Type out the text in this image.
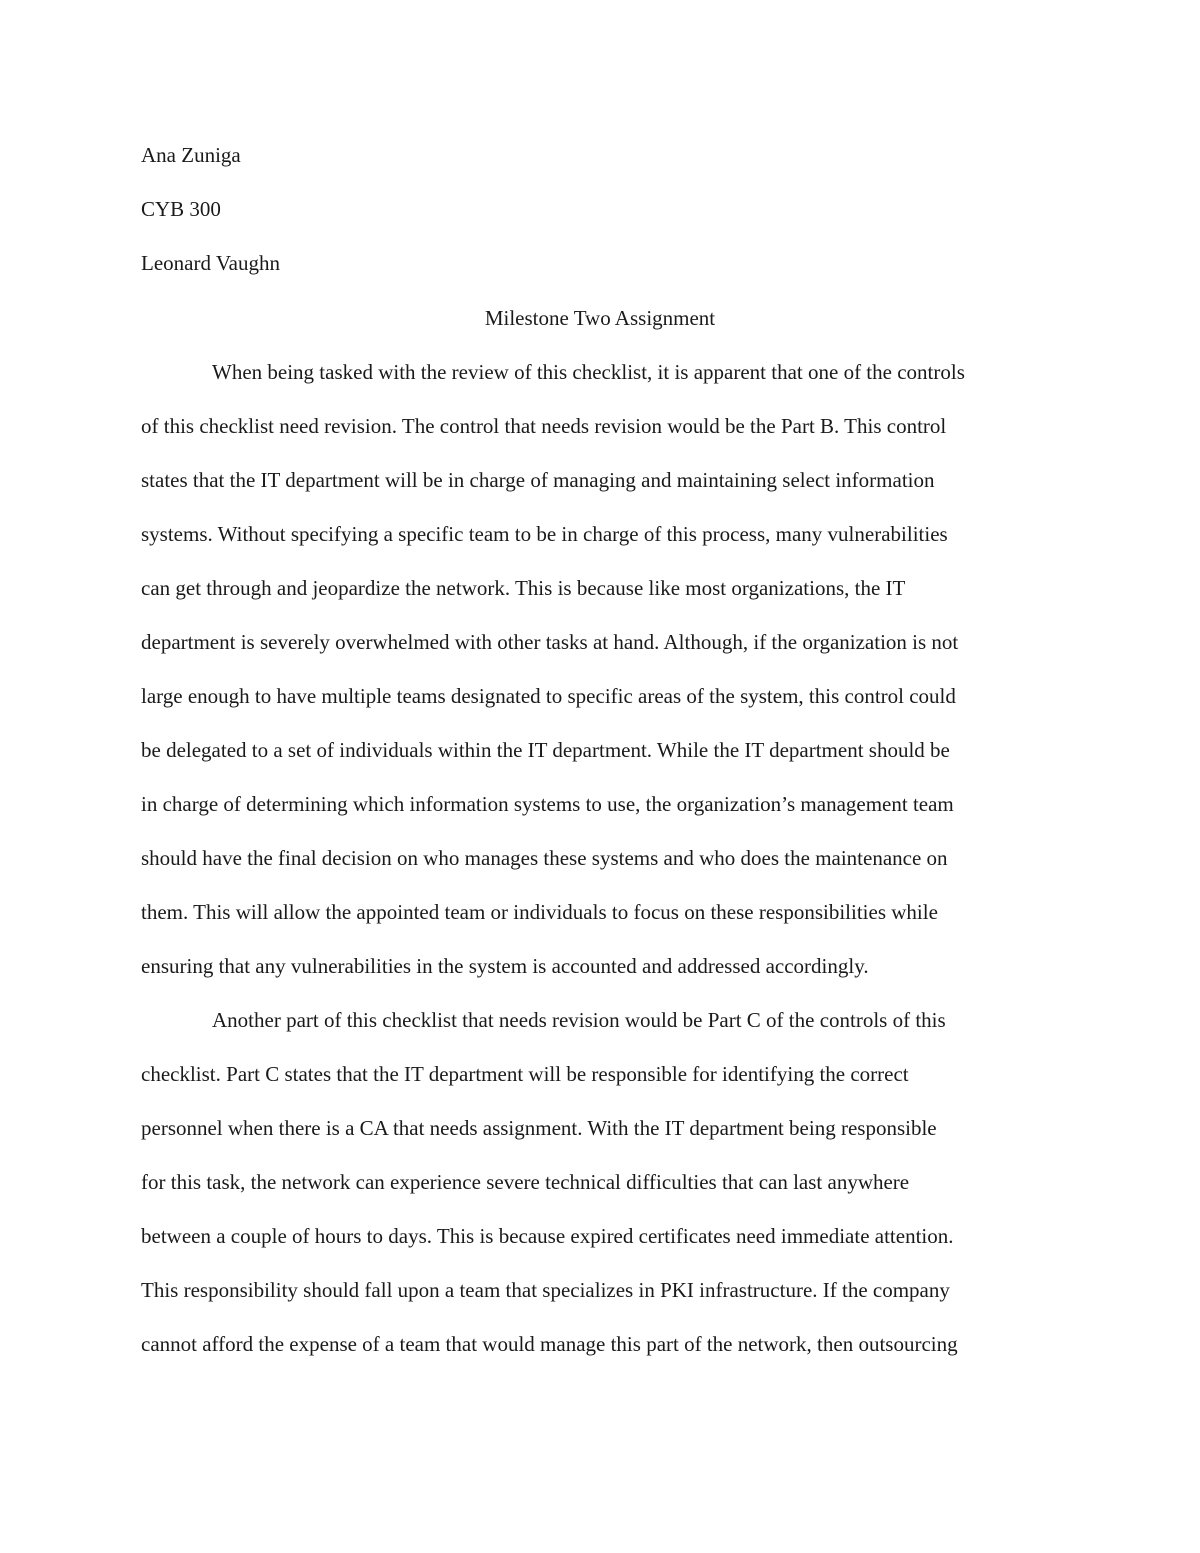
Ana Zuniga
CYB 300
Leonard Vaughn
Milestone Two Assignment
When being tasked with the review of this checklist, it is apparent that one of the controls
of this checklist need revision. The control that needs revision would be the Part B. This control
states that the IT department will be in charge of managing and maintaining select information
systems. Without specifying a specific team to be in charge of this process, many vulnerabilities
can get through and jeopardize the network. This is because like most organizations, the IT
department is severely overwhelmed with other tasks at hand. Although, if the organization is not
large enough to have multiple teams designated to specific areas of the system, this control could
be delegated to a set of individuals within the IT department. While the IT department should be
in charge of determining which information systems to use, the organization’s management team
should have the final decision on who manages these systems and who does the maintenance on
them. This will allow the appointed team or individuals to focus on these responsibilities while
ensuring that any vulnerabilities in the system is accounted and addressed accordingly.
Another part of this checklist that needs revision would be Part C of the controls of this
checklist. Part C states that the IT department will be responsible for identifying the correct
personnel when there is a CA that needs assignment. With the IT department being responsible
for this task, the network can experience severe technical difficulties that can last anywhere
between a couple of hours to days. This is because expired certificates need immediate attention.
This responsibility should fall upon a team that specializes in PKI infrastructure. If the company
cannot afford the expense of a team that would manage this part of the network, then outsourcing
